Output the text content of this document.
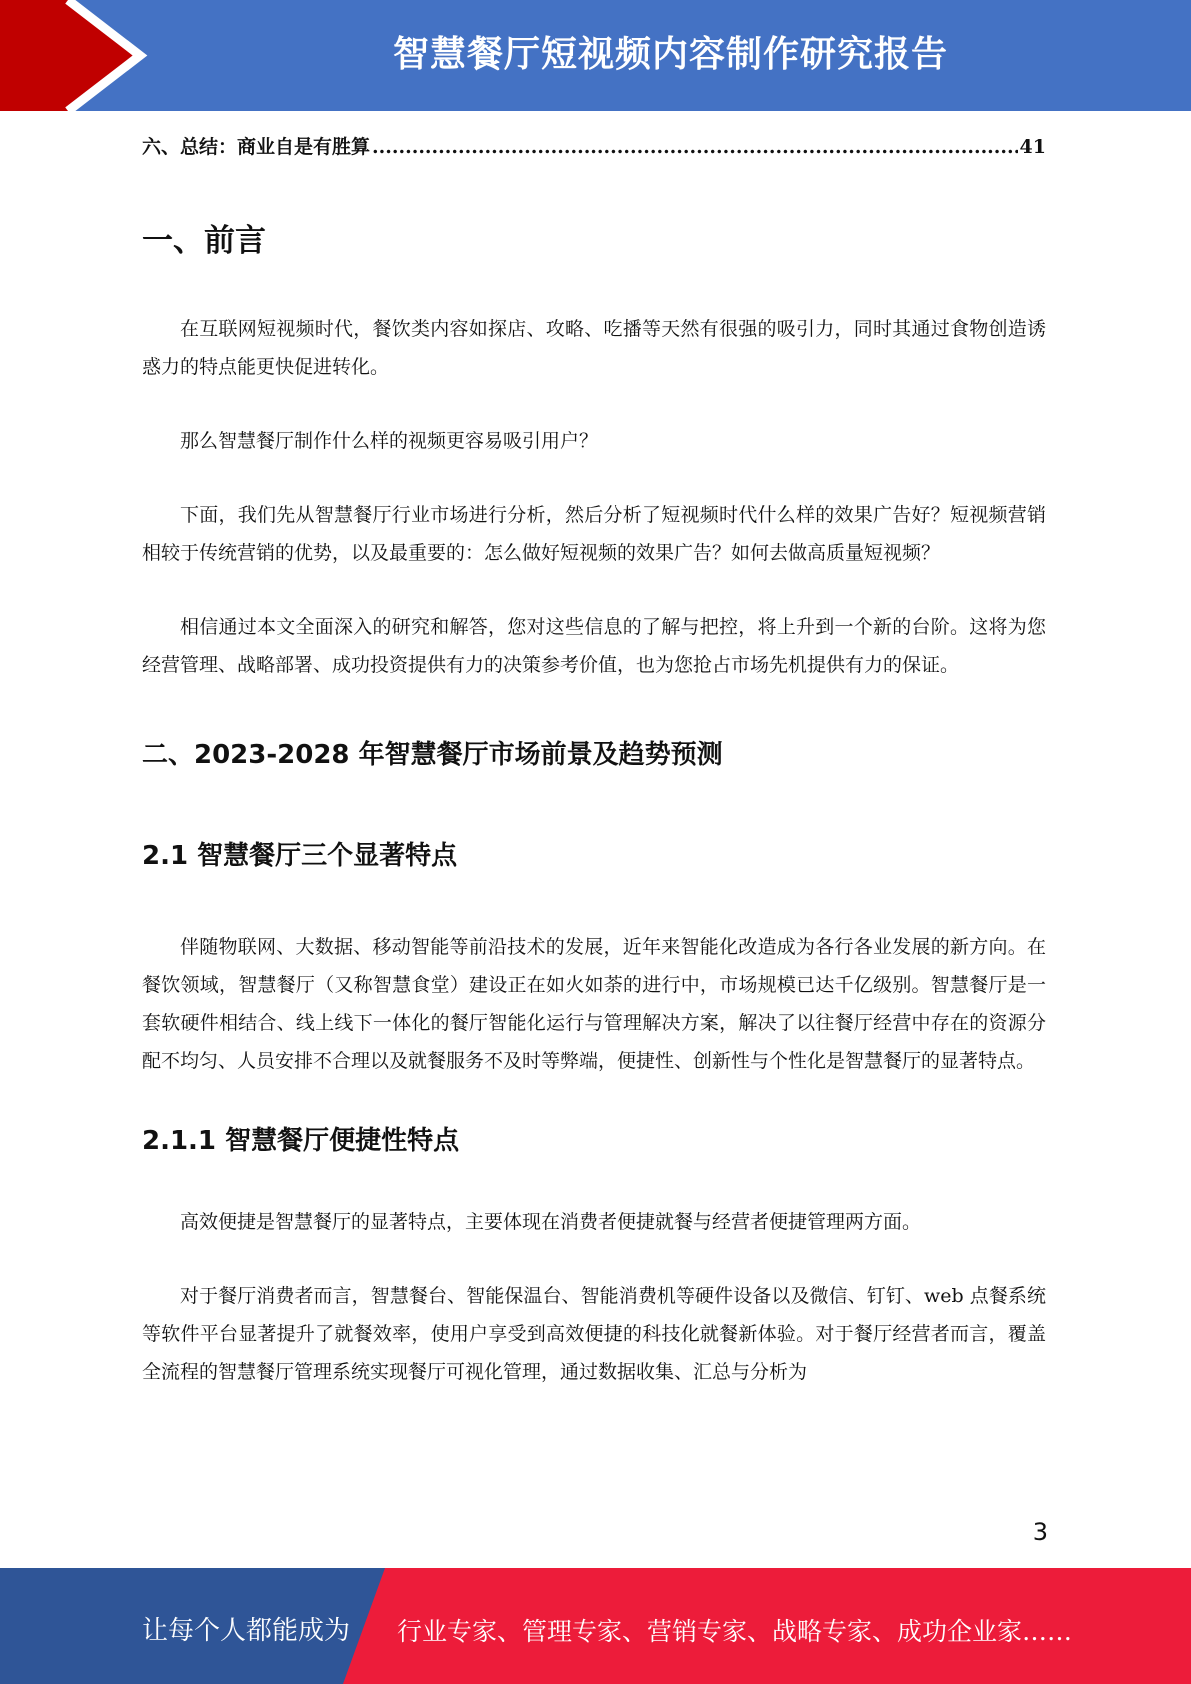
智慧餐厅短视频内容制作研究报告
六、总结：商业自是有胜算
.....	41
一、前言

在互联网短视频时代，餐饮类内容如探店、攻略、吃播等天然有很强的吸引力，同时其通过食物创造诱惑力的特点能更快促进转化。

那么智慧餐厅制作什么样的视频更容易吸引用户？

下面，我们先从智慧餐厅行业市场进行分析，然后分析了短视频时代什么样的效果广告好？短视频营销相较于传统营销的优势，以及最重要的：怎么做好短视频的效果广告？如何去做高质量短视频？

相信通过本文全面深入的研究和解答，您对这些信息的了解与把控，将上升到一个新的台阶。这将为您经营管理、战略部署、成功投资提供有力的决策参考价值，也为您抢占市场先机提供有力的保证。

二、2023-2028 年智慧餐厅市场前景及趋势预测
2.1 智慧餐厅三个显著特点

伴随物联网、大数据、移动智能等前沿技术的发展，近年来智能化改造成为各行各业发展的新方向。在餐饮领域，智慧餐厅（又称智慧食堂）建设正在如火如荼的进行中，市场规模已达千亿级别。智慧餐厅是一套软硬件相结合、线上线下一体化的餐厅智能化运行与管理解决方案，解决了以往餐厅经营中存在的资源分配不均匀、人员安排不合理以及就餐服务不及时等弊端，便捷性、创新性与个性化是智慧餐厅的显著特点。

2.1.1 智慧餐厅便捷性特点

高效便捷是智慧餐厅的显著特点，主要体现在消费者便捷就餐与经营者便捷管理两方面。

对于餐厅消费者而言，智慧餐台、智能保温台、智能消费机等硬件设备以及微信、钉钉、web 点餐系统等软件平台显著提升了就餐效率，使用户享受到高效便捷的科技化就餐新体验。对于餐厅经营者而言，覆盖全流程的智慧餐厅管理系统实现餐厅可视化管理，通过数据收集、汇总与分析为

3
让每个人都能成为 行业专家、管理专家、营销专家、战略专家、成功企业家……
